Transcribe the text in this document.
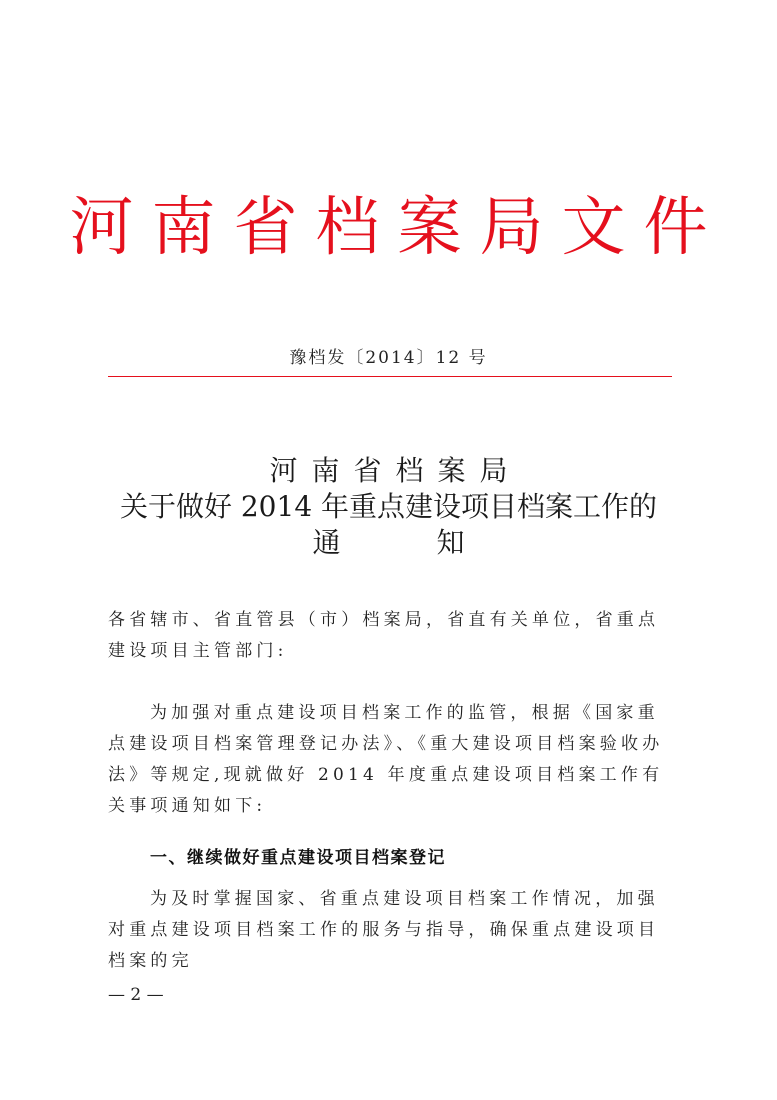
河南省档案局文件
豫档发〔2014〕12 号
河南省档案局
关于做好 2014 年重点建设项目档案工作的
通	知
各省辖市、省直管县（市）档案局，省直有关单位，省重点建设项目主管部门:
为加强对重点建设项目档案工作的监管，根据《国家重点建设项目档案管理登记办法》、《重大建设项目档案验收办法》等规定,现就做好 2014 年度重点建设项目档案工作有关事项通知如下:
一、继续做好重点建设项目档案登记
为及时掌握国家、省重点建设项目档案工作情况，加强对重点建设项目档案工作的服务与指导，确保重点建设项目档案的完
— 2 —
